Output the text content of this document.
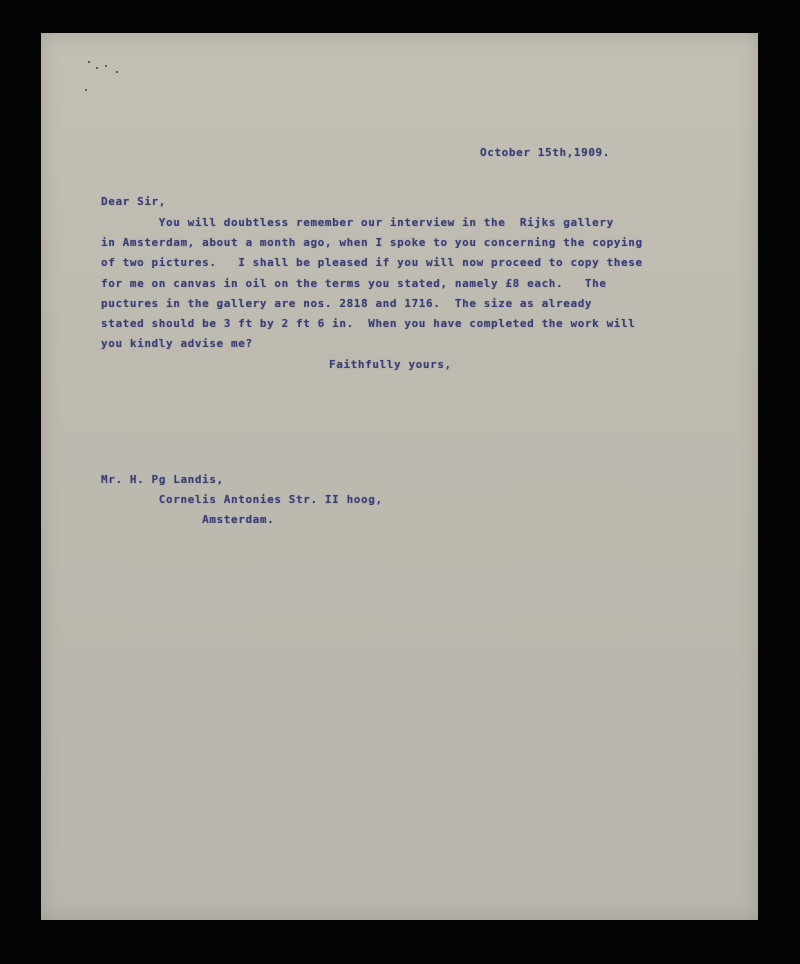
October 15th,1909.
Dear Sir,
You will doubtless remember our interview in the  Rijks gallery
in Amsterdam, about a month ago, when I spoke to you concerning the copying
of two pictures.   I shall be pleased if you will now proceed to copy these
for me on canvas in oil on the terms you stated, namely £8 each.   The
puctures in the gallery are nos. 2818 and 1716.  The size as already
stated should be 3 ft by 2 ft 6 in.  When you have completed the work will
you kindly advise me?
Faithfully yours,
Mr. H. Pg Landis,
Cornelis Antonies Str. II hoog,
Amsterdam.
